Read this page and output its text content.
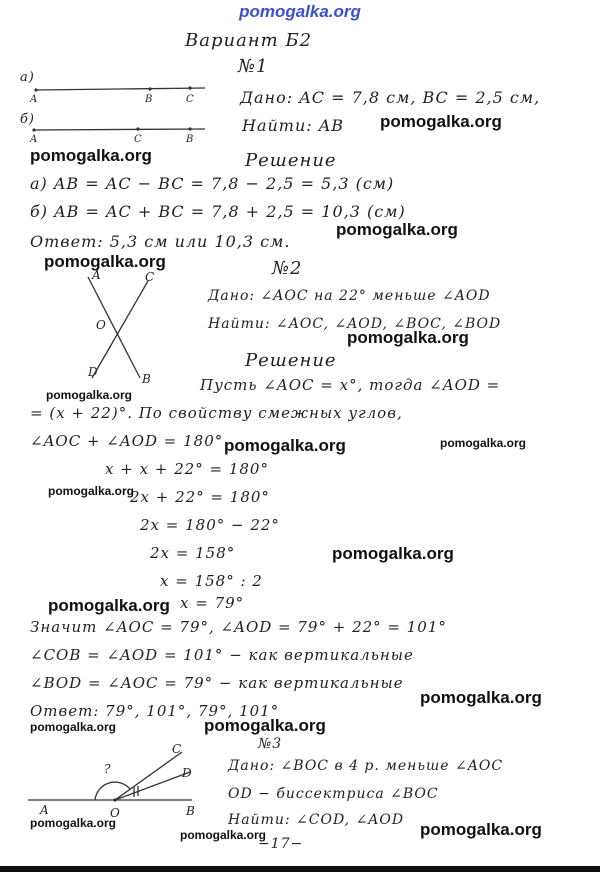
pomogalka.org
а)
б)
A	B	C
A	C	B
A	C
O
D	B
A	O	B
C
D
?
Вариант Б2
№1
Дано: AC = 7,8 см, BC = 2,5 см,
Найти: AB
Решение
а) AB = AC − BC = 7,8 − 2,5 = 5,3 (см)
б) AB = AC + BC = 7,8 + 2,5 = 10,3 (см)
Ответ: 5,3 см или 10,3 см.
№2
Дано: ∠AOC на 22° меньше ∠AOD
Найти: ∠AOC, ∠AOD, ∠BOC, ∠BOD
Решение
Пусть ∠AOC = x°, тогда ∠AOD =
= (x + 22)°. По свойству смежных углов,
∠AOC + ∠AOD = 180°
x + x + 22° = 180°
2x + 22° = 180°
2x = 180° − 22°
2x = 158°
x = 158° : 2
x = 79°
Значит ∠AOC = 79°, ∠AOD = 79° + 22° = 101°
∠COB = ∠AOD = 101° − как вертикальные
∠BOD = ∠AOC = 79° − как вертикальные
Ответ: 79°, 101°, 79°, 101°
№3
Дано: ∠BOC в 4 р. меньше ∠AOC
OD − биссектриса ∠BOC
Найти: ∠COD, ∠AOD
−17−
pomogalka.org
pomogalka.org
pomogalka.org
pomogalka.org
pomogalka.org
pomogalka.org
pomogalka.org	pomogalka.org
pomogalka.org
pomogalka.org
pomogalka.org
pomogalka.org
pomogalka.org	pomogalka.org
pomogalka.org
pomogalka.org	pomogalka.org
